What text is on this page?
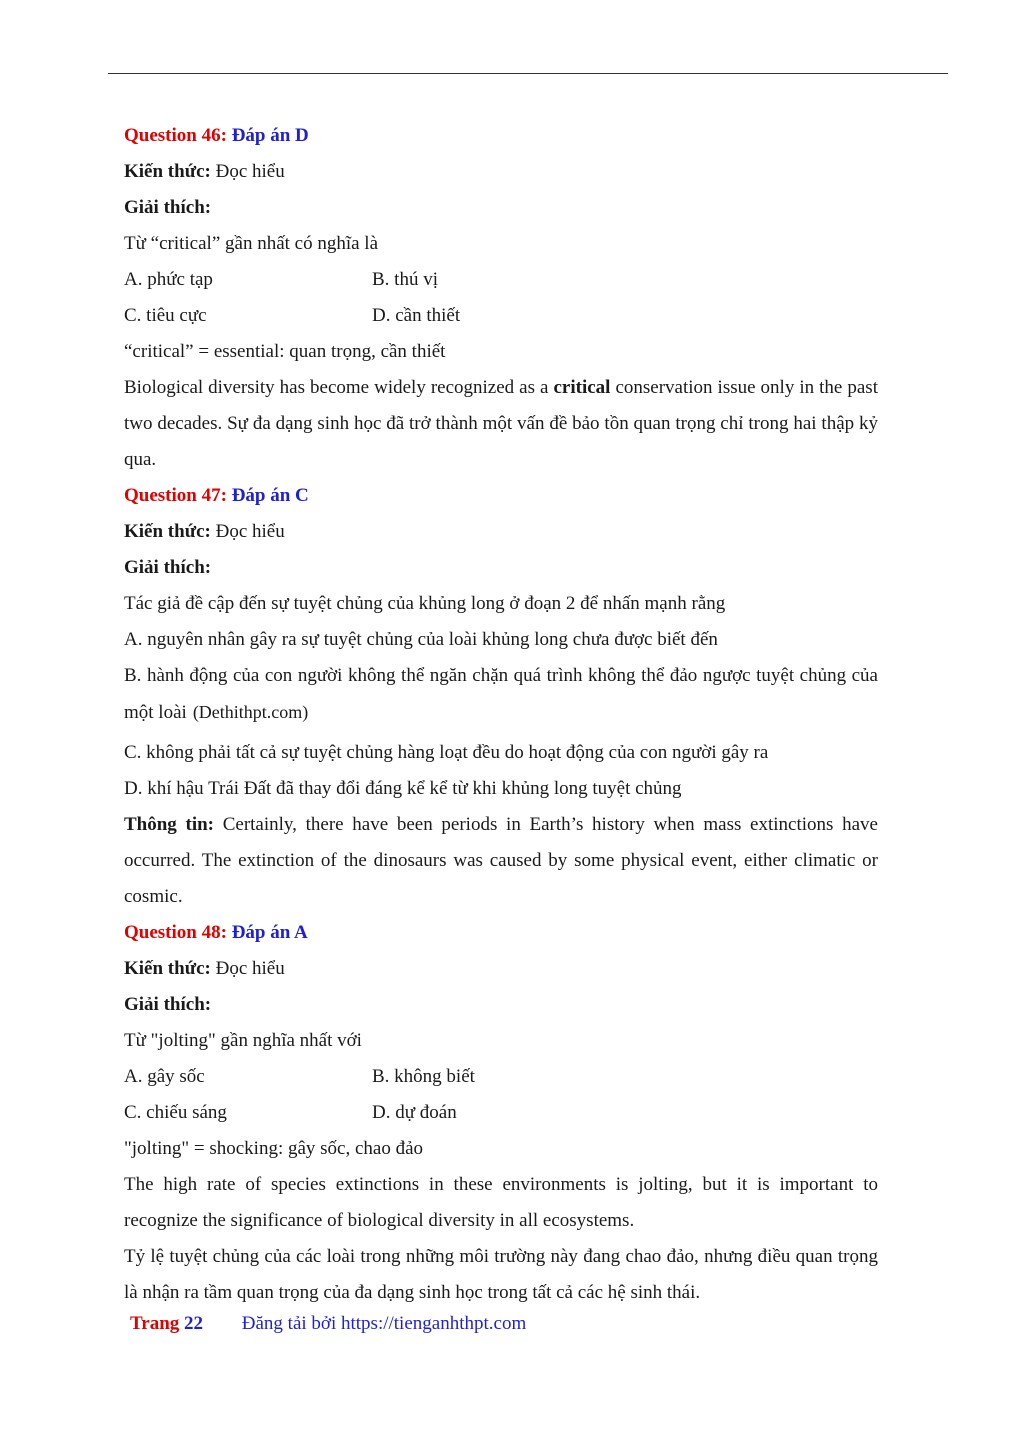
Question 46: Đáp án D

Kiến thức: Đọc hiểu

Giải thích:

Từ “critical” gần nhất có nghĩa là

A. phức tạp	B. thú vị
C. tiêu cực	D. cần thiết

“critical” = essential: quan trọng, cần thiết

Biological diversity has become widely recognized as a critical conservation issue only in the past two decades. Sự đa dạng sinh học đã trở thành một vấn đề bảo tồn quan trọng chỉ trong hai thập kỷ qua.

Question 47: Đáp án C

Kiến thức: Đọc hiểu

Giải thích:

Tác giả đề cập đến sự tuyệt chủng của khủng long ở đoạn 2 để nhấn mạnh rằng

A. nguyên nhân gây ra sự tuyệt chủng của loài khủng long chưa được biết đến

B. hành động của con người không thể ngăn chặn quá trình không thể đảo ngược tuyệt chủng của một loài (Dethithpt.com)

C. không phải tất cả sự tuyệt chủng hàng loạt đều do hoạt động của con người gây ra

D. khí hậu Trái Đất đã thay đổi đáng kể kể từ khi khủng long tuyệt chủng

Thông tin: Certainly, there have been periods in Earth’s history when mass extinctions have occurred. The extinction of the dinosaurs was caused by some physical event, either climatic or cosmic.

Question 48: Đáp án A

Kiến thức: Đọc hiểu

Giải thích:

Từ "jolting" gần nghĩa nhất với

A. gây sốc	B. không biết
C. chiếu sáng	D. dự đoán

"jolting" = shocking: gây sốc, chao đảo

The high rate of species extinctions in these environments is jolting, but it is important to recognize the significance of biological diversity in all ecosystems.

Tỷ lệ tuyệt chủng của các loài trong những môi trường này đang chao đảo, nhưng điều quan trọng là nhận ra tầm quan trọng của đa dạng sinh học trong tất cả các hệ sinh thái.

Trang 22 Đăng tải bởi https://tienganhthpt.com
